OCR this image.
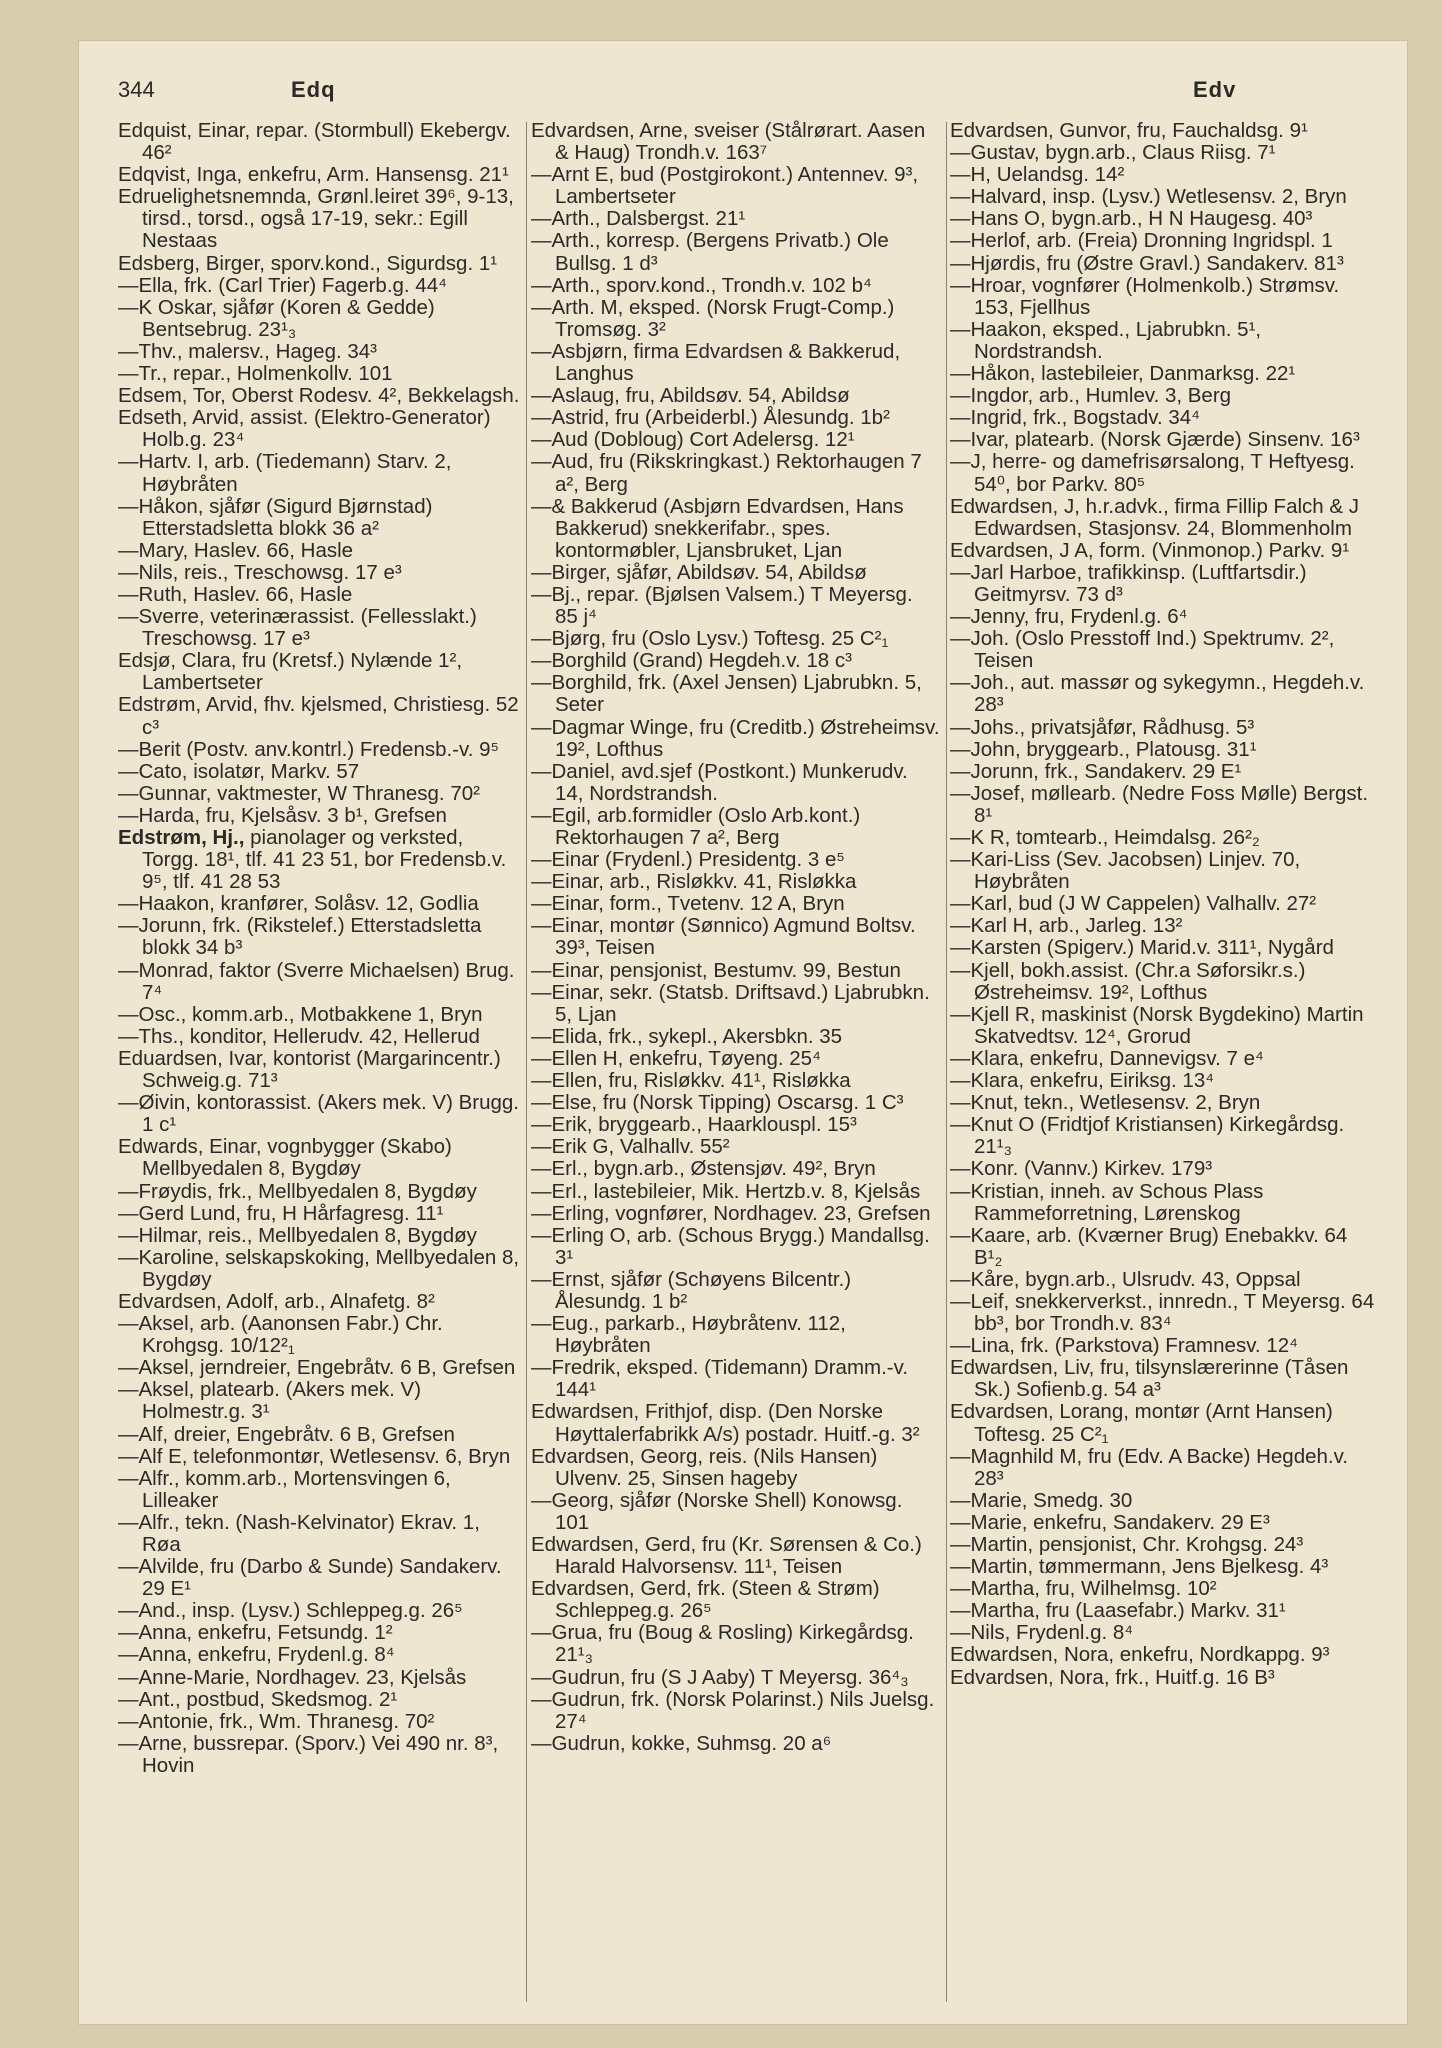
344	Edq	Edv

Edquist, Einar, repar. (Stormbull) Ekebergv. 46²

Edqvist, Inga, enkefru, Arm. Hansensg. 21¹

Edruelighetsnemnda, Grønl.leiret 39⁶, 9-13, tirsd., torsd., også 17-19, sekr.: Egill Nestaas

Edsberg, Birger, sporv.kond., Sigurdsg. 1¹

—Ella, frk. (Carl Trier) Fagerb.g. 44⁴

—K Oskar, sjåfør (Koren & Gedde) Bentsebrug. 23¹₃

—Thv., malersv., Hageg. 34³

—Tr., repar., Holmenkollv. 101

Edsem, Tor, Oberst Rodesv. 4², Bekkelagsh.

Edseth, Arvid, assist. (Elektro-Generator) Holb.g. 23⁴

—Hartv. I, arb. (Tiedemann) Starv. 2, Høybråten

—Håkon, sjåfør (Sigurd Bjørnstad) Etterstadsletta blokk 36 a²

—Mary, Haslev. 66, Hasle

—Nils, reis., Treschowsg. 17 e³

—Ruth, Haslev. 66, Hasle

—Sverre, veterinærassist. (Fellesslakt.) Treschowsg. 17 e³

Edsjø, Clara, fru (Kretsf.) Nylænde 1², Lambertseter

Edstrøm, Arvid, fhv. kjelsmed, Christiesg. 52 c³

—Berit (Postv. anv.kontrl.) Fredensb.-v. 9⁵

—Cato, isolatør, Markv. 57

—Gunnar, vaktmester, W Thranesg. 70²

—Harda, fru, Kjelsåsv. 3 b¹, Grefsen

Edstrøm, Hj., pianolager og verksted, Torgg. 18¹, tlf. 41 23 51, bor Fredensb.v. 9⁵, tlf. 41 28 53

—Haakon, kranfører, Solåsv. 12, Godlia

—Jorunn, frk. (Rikstelef.) Etterstadsletta blokk 34 b³

—Monrad, faktor (Sverre Michaelsen) Brug. 7⁴

—Osc., komm.arb., Motbakkene 1, Bryn

—Ths., konditor, Hellerudv. 42, Hellerud

Eduardsen, Ivar, kontorist (Margarincentr.) Schweig.g. 71³

—Øivin, kontorassist. (Akers mek. V) Brugg. 1 c¹

Edwards, Einar, vognbygger (Skabo) Mellbyedalen 8, Bygdøy

—Frøydis, frk., Mellbyedalen 8, Bygdøy

—Gerd Lund, fru, H Hårfagresg. 11¹

—Hilmar, reis., Mellbyedalen 8, Bygdøy

—Karoline, selskapskoking, Mellbyedalen 8, Bygdøy

Edvardsen, Adolf, arb., Alnafetg. 8²

—Aksel, arb. (Aanonsen Fabr.) Chr. Krohgsg. 10/12²₁

—Aksel, jerndreier, Engebråtv. 6 B, Grefsen

—Aksel, platearb. (Akers mek. V) Holmestr.g. 3¹

—Alf, dreier, Engebråtv. 6 B, Grefsen

—Alf E, telefonmontør, Wetlesensv. 6, Bryn

—Alfr., komm.arb., Mortensvingen 6, Lilleaker

—Alfr., tekn. (Nash-Kelvinator) Ekrav. 1, Røa

—Alvilde, fru (Darbo & Sunde) Sandakerv. 29 E¹

—And., insp. (Lysv.) Schleppeg.g. 26⁵

—Anna, enkefru, Fetsundg. 1²

—Anna, enkefru, Frydenl.g. 8⁴

—Anne-Marie, Nordhagev. 23, Kjelsås

—Ant., postbud, Skedsmog. 2¹

—Antonie, frk., Wm. Thranesg. 70²

—Arne, bussrepar. (Sporv.) Vei 490 nr. 8³, Hovin

Edvardsen, Arne, sveiser (Stålrørart. Aasen & Haug) Trondh.v. 163⁷

—Arnt E, bud (Postgirokont.) Antennev. 9³, Lambertseter

—Arth., Dalsbergst. 21¹

—Arth., korresp. (Bergens Privatb.) Ole Bullsg. 1 d³

—Arth., sporv.kond., Trondh.v. 102 b⁴

—Arth. M, eksped. (Norsk Frugt-Comp.) Tromsøg. 3²

—Asbjørn, firma Edvardsen & Bakkerud, Langhus

—Aslaug, fru, Abildsøv. 54, Abildsø

—Astrid, fru (Arbeiderbl.) Ålesundg. 1b²

—Aud (Dobloug) Cort Adelersg. 12¹

—Aud, fru (Rikskringkast.) Rektorhaugen 7 a², Berg

—& Bakkerud (Asbjørn Edvardsen, Hans Bakkerud) snekkerifabr., spes. kontormøbler, Ljansbruket, Ljan

—Birger, sjåfør, Abildsøv. 54, Abildsø

—Bj., repar. (Bjølsen Valsem.) T Meyersg. 85 j⁴

—Bjørg, fru (Oslo Lysv.) Toftesg. 25 C²₁

—Borghild (Grand) Hegdeh.v. 18 c³

—Borghild, frk. (Axel Jensen) Ljabrubkn. 5, Seter

—Dagmar Winge, fru (Creditb.) Østreheimsv. 19², Lofthus

—Daniel, avd.sjef (Postkont.) Munkerudv. 14, Nordstrandsh.

—Egil, arb.formidler (Oslo Arb.kont.) Rektorhaugen 7 a², Berg

—Einar (Frydenl.) Presidentg. 3 e⁵

—Einar, arb., Risløkkv. 41, Risløkka

—Einar, form., Tvetenv. 12 A, Bryn

—Einar, montør (Sønnico) Agmund Boltsv. 39³, Teisen

—Einar, pensjonist, Bestumv. 99, Bestun

—Einar, sekr. (Statsb. Driftsavd.) Ljabrubkn. 5, Ljan

—Elida, frk., sykepl., Akersbkn. 35

—Ellen H, enkefru, Tøyeng. 25⁴

—Ellen, fru, Risløkkv. 41¹, Risløkka

—Else, fru (Norsk Tipping) Oscarsg. 1 C³

—Erik, bryggearb., Haarklouspl. 15³

—Erik G, Valhallv. 55²

—Erl., bygn.arb., Østensjøv. 49², Bryn

—Erl., lastebileier, Mik. Hertzb.v. 8, Kjelsås

—Erling, vognfører, Nordhagev. 23, Grefsen

—Erling O, arb. (Schous Brygg.) Mandallsg. 3¹

—Ernst, sjåfør (Schøyens Bilcentr.) Ålesundg. 1 b²

—Eug., parkarb., Høybråtenv. 112, Høybråten

—Fredrik, eksped. (Tidemann) Dramm.-v. 144¹

Edwardsen, Frithjof, disp. (Den Norske Høyttalerfabrikk A/s) postadr. Huitf.-g. 3²

Edvardsen, Georg, reis. (Nils Hansen) Ulvenv. 25, Sinsen hageby

—Georg, sjåfør (Norske Shell) Konowsg. 101

Edwardsen, Gerd, fru (Kr. Sørensen & Co.) Harald Halvorsensv. 11¹, Teisen

Edvardsen, Gerd, frk. (Steen & Strøm) Schleppeg.g. 26⁵

—Grua, fru (Boug & Rosling) Kirkegårdsg. 21¹₃

—Gudrun, fru (S J Aaby) T Meyersg. 36⁴₃

—Gudrun, frk. (Norsk Polarinst.) Nils Juelsg. 27⁴

—Gudrun, kokke, Suhmsg. 20 a⁶

Edvardsen, Gunvor, fru, Fauchaldsg. 9¹

—Gustav, bygn.arb., Claus Riisg. 7¹

—H, Uelandsg. 14²

—Halvard, insp. (Lysv.) Wetlesensv. 2, Bryn

—Hans O, bygn.arb., H N Haugesg. 40³

—Herlof, arb. (Freia) Dronning Ingridspl. 1

—Hjørdis, fru (Østre Gravl.) Sandakerv. 81³

—Hroar, vognfører (Holmenkolb.) Strømsv. 153, Fjellhus

—Haakon, eksped., Ljabrubkn. 5¹, Nordstrandsh.

—Håkon, lastebileier, Danmarksg. 22¹

—Ingdor, arb., Humlev. 3, Berg

—Ingrid, frk., Bogstadv. 34⁴

—Ivar, platearb. (Norsk Gjærde) Sinsenv. 16³

—J, herre- og damefrisørsalong, T Heftyesg. 54⁰, bor Parkv. 80⁵

Edwardsen, J, h.r.advk., firma Fillip Falch & J Edwardsen, Stasjonsv. 24, Blommenholm

Edvardsen, J A, form. (Vinmonop.) Parkv. 9¹

—Jarl Harboe, trafikkinsp. (Luftfartsdir.) Geitmyrsv. 73 d³

—Jenny, fru, Frydenl.g. 6⁴

—Joh. (Oslo Presstoff Ind.) Spektrumv. 2², Teisen

—Joh., aut. massør og sykegymn., Hegdeh.v. 28³

—Johs., privatsjåfør, Rådhusg. 5³

—John, bryggearb., Platousg. 31¹

—Jorunn, frk., Sandakerv. 29 E¹

—Josef, møllearb. (Nedre Foss Mølle) Bergst. 8¹

—K R, tomtearb., Heimdalsg. 26²₂

—Kari-Liss (Sev. Jacobsen) Linjev. 70, Høybråten

—Karl, bud (J W Cappelen) Valhallv. 27²

—Karl H, arb., Jarleg. 13²

—Karsten (Spigerv.) Marid.v. 311¹, Nygård

—Kjell, bokh.assist. (Chr.a Søforsikr.s.) Østreheimsv. 19², Lofthus

—Kjell R, maskinist (Norsk Bygdekino) Martin Skatvedtsv. 12⁴, Grorud

—Klara, enkefru, Dannevigsv. 7 e⁴

—Klara, enkefru, Eiriksg. 13⁴

—Knut, tekn., Wetlesensv. 2, Bryn

—Knut O (Fridtjof Kristiansen) Kirkegårdsg. 21¹₃

—Konr. (Vannv.) Kirkev. 179³

—Kristian, inneh. av Schous Plass Rammeforretning, Lørenskog

—Kaare, arb. (Kværner Brug) Enebakkv. 64 B¹₂

—Kåre, bygn.arb., Ulsrudv. 43, Oppsal

—Leif, snekkerverkst., innredn., T Meyersg. 64 bb³, bor Trondh.v. 83⁴

—Lina, frk. (Parkstova) Framnesv. 12⁴

Edwardsen, Liv, fru, tilsynslærerinne (Tåsen Sk.) Sofienb.g. 54 a³

Edvardsen, Lorang, montør (Arnt Hansen) Toftesg. 25 C²₁

—Magnhild M, fru (Edv. A Backe) Hegdeh.v. 28³

—Marie, Smedg. 30

—Marie, enkefru, Sandakerv. 29 E³

—Martin, pensjonist, Chr. Krohgsg. 24³

—Martin, tømmermann, Jens Bjelkesg. 4³

—Martha, fru, Wilhelmsg. 10²

—Martha, fru (Laasefabr.) Markv. 31¹

—Nils, Frydenl.g. 8⁴

Edwardsen, Nora, enkefru, Nordkappg. 9³

Edvardsen, Nora, frk., Huitf.g. 16 B³
